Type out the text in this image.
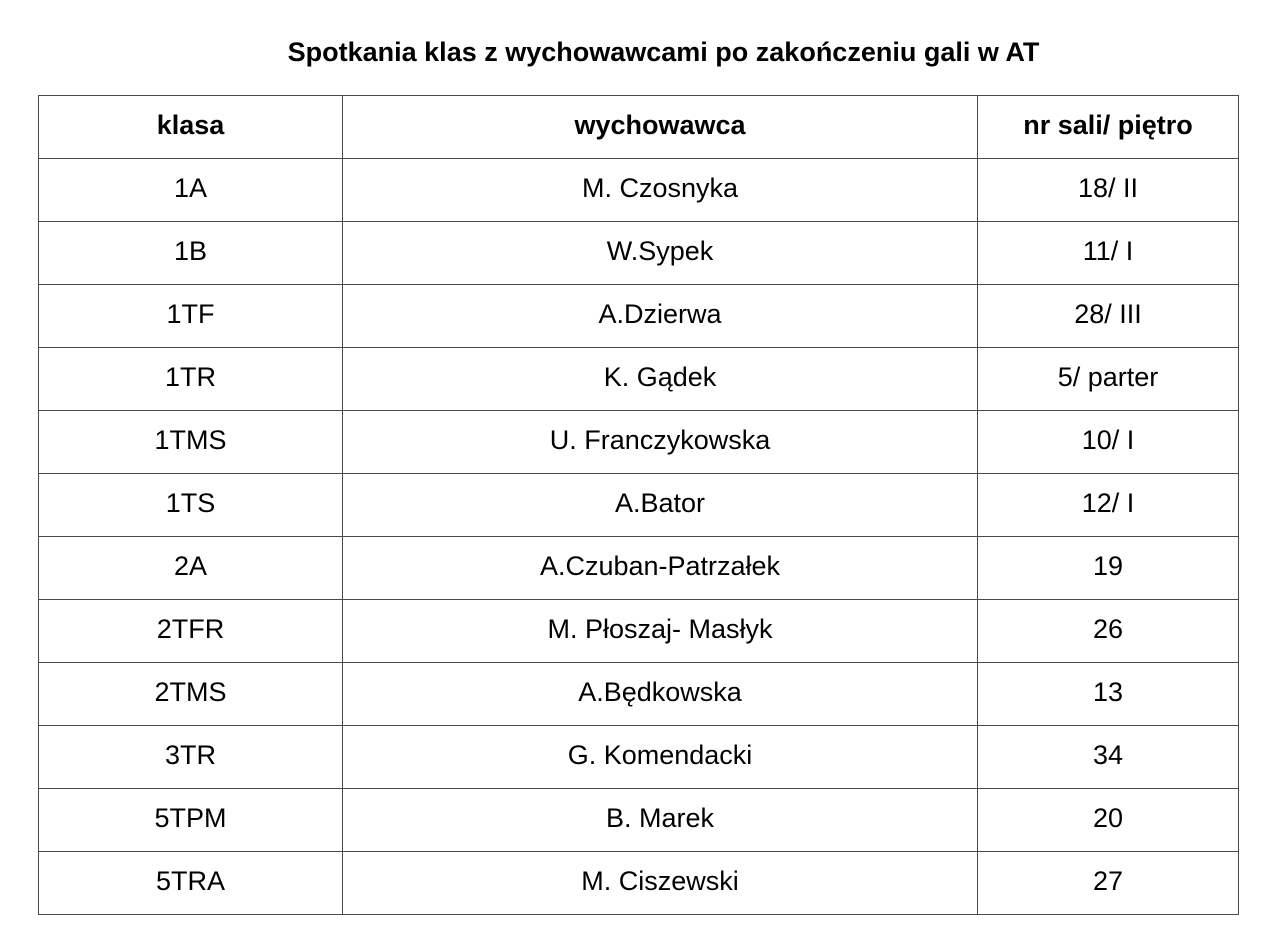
Spotkania klas z wychowawcami po zakończeniu gali w AT
klasa	wychowawca	nr sali/ piętro
1A	M. Czosnyka	18/ II
1B	W.Sypek	11/ I
1TF	A.Dzierwa	28/ III
1TR	K. Gądek	5/ parter
1TMS	U. Franczykowska	10/ I
1TS	A.Bator	12/ I
2A	A.Czuban-Patrzałek	19
2TFR	M. Płoszaj- Masłyk	26
2TMS	A.Będkowska	13
3TR	G. Komendacki	34
5TPM	B. Marek	20
5TRA	M. Ciszewski	27
